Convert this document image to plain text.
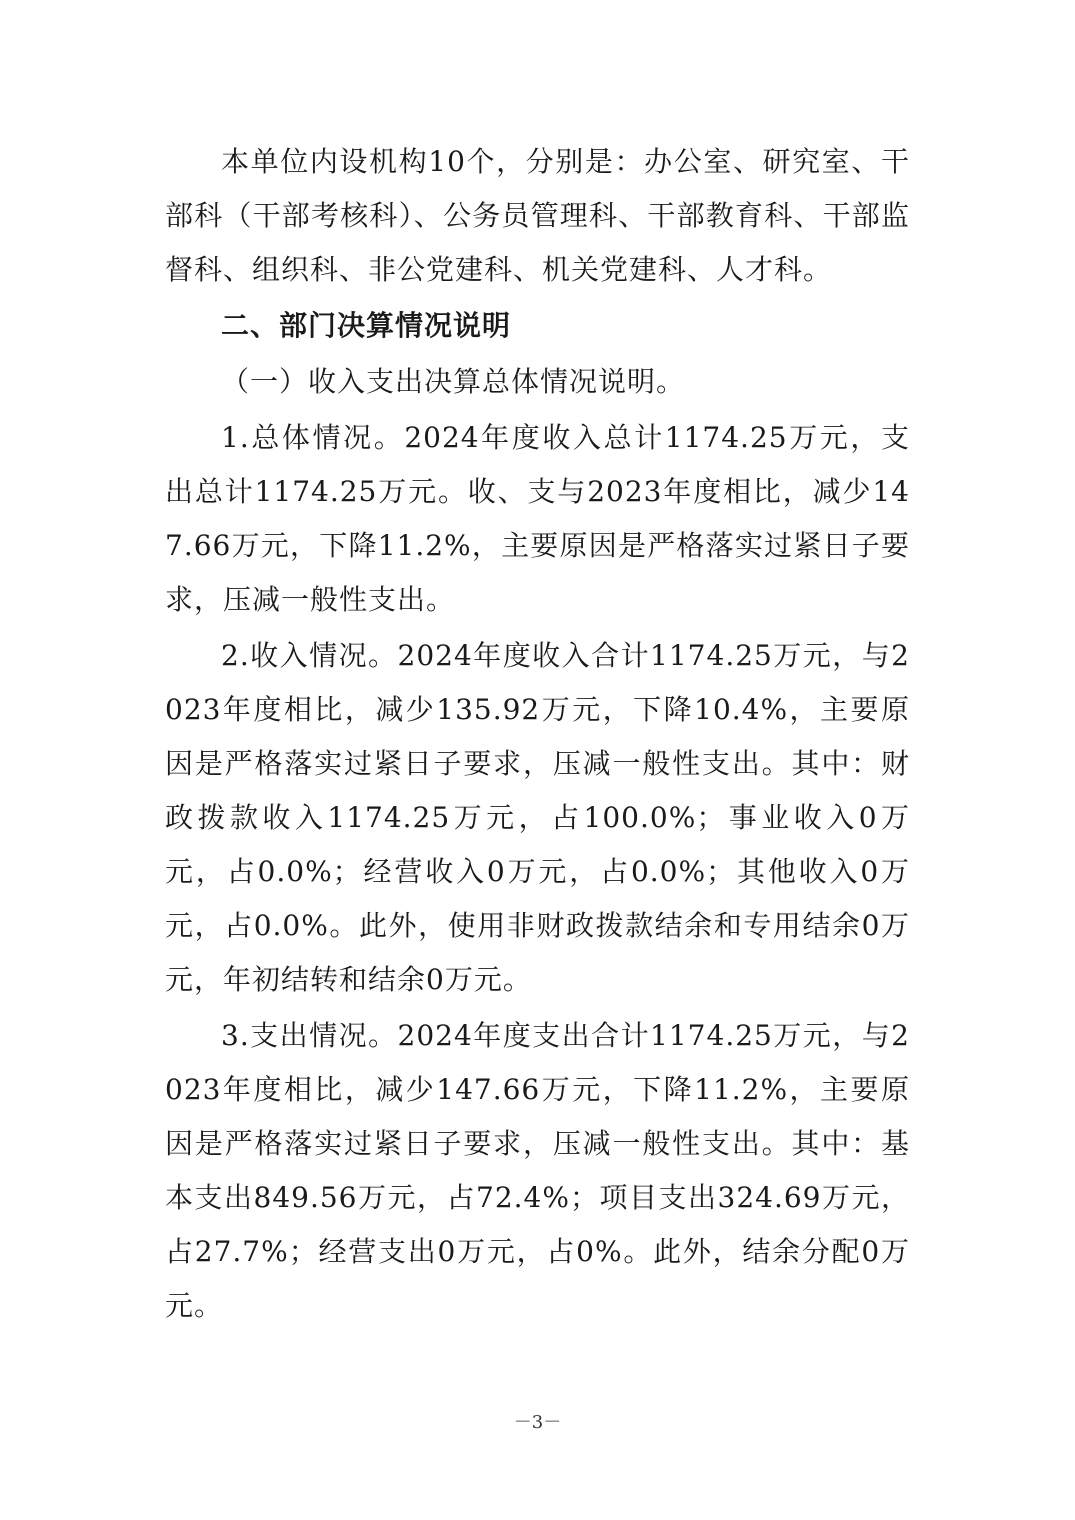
本单位内设机构10个，分别是：办公室、研究室、干部科（干部考核科）、公务员管理科、干部教育科、干部监督科、组织科、非公党建科、机关党建科、人才科。

二、部门决算情况说明

（一）收入支出决算总体情况说明。

1.总体情况。2024年度收入总计1174.25万元，支出总计1174.25万元。收、支与2023年度相比，减少147.66万元，下降11.2%，主要原因是严格落实过紧日子要求，压减一般性支出。

2.收入情况。2024年度收入合计1174.25万元，与2023年度相比，减少135.92万元，下降10.4%，主要原因是严格落实过紧日子要求，压减一般性支出。其中：财政拨款收入1174.25万元，占100.0%；事业收入0万元，占0.0%；经营收入0万元，占0.0%；其他收入0万元，占0.0%。此外，使用非财政拨款结余和专用结余0万元，年初结转和结余0万元。

3.支出情况。2024年度支出合计1174.25万元，与2023年度相比，减少147.66万元，下降11.2%，主要原因是严格落实过紧日子要求，压减一般性支出。其中：基本支出849.56万元，占72.4%；项目支出324.69万元，占27.7%；经营支出0万元，占0%。此外，结余分配0万元。

－3－
